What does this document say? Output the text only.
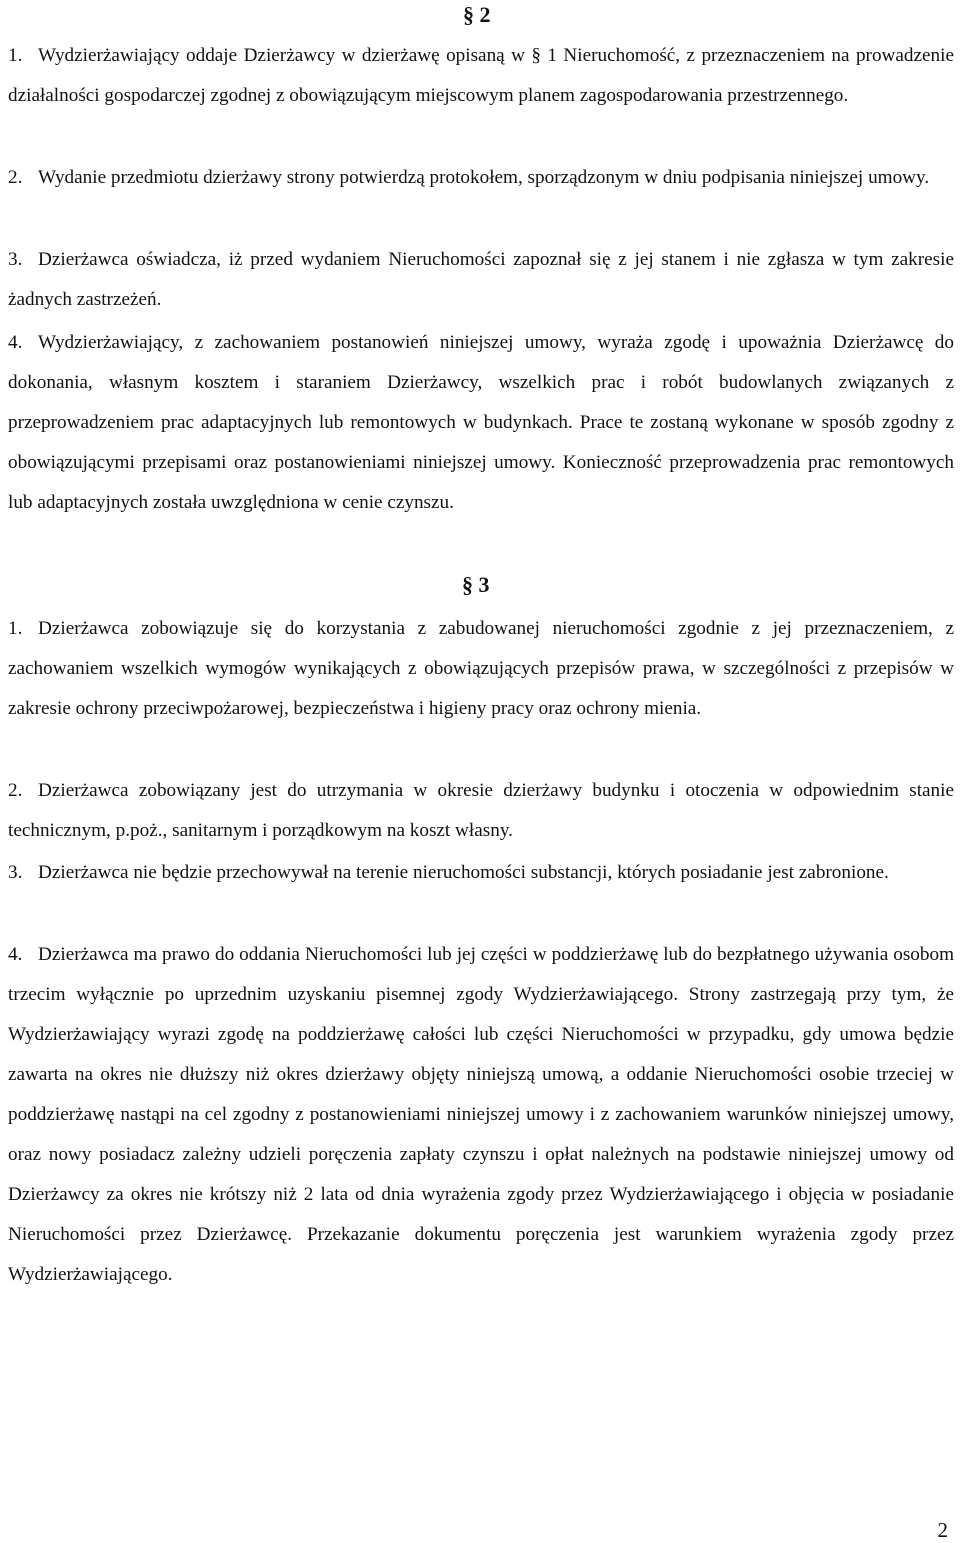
§ 2
1. Wydzierżawiający oddaje Dzierżawcy w dzierżawę opisaną w § 1 Nieruchomość, z przeznaczeniem na prowadzenie działalności gospodarczej zgodnej z obowiązującym miejscowym planem zagospodarowania przestrzennego.
2. Wydanie przedmiotu dzierżawy strony potwierdzą protokołem, sporządzonym w dniu podpisania niniejszej umowy.
3. Dzierżawca oświadcza, iż przed wydaniem Nieruchomości zapoznał się z jej stanem i nie zgłasza w tym zakresie żadnych zastrzeżeń.
4. Wydzierżawiający, z zachowaniem postanowień niniejszej umowy, wyraża zgodę i upoważnia Dzierżawcę do dokonania, własnym kosztem i staraniem Dzierżawcy, wszelkich prac i robót budowlanych związanych z przeprowadzeniem prac adaptacyjnych lub remontowych w budynkach. Prace te zostaną wykonane w sposób zgodny z obowiązującymi przepisami oraz postanowieniami niniejszej umowy. Konieczność przeprowadzenia prac remontowych lub adaptacyjnych została uwzględniona w cenie czynszu.
§ 3
1. Dzierżawca zobowiązuje się do korzystania z zabudowanej nieruchomości zgodnie z jej przeznaczeniem, z zachowaniem wszelkich wymogów wynikających z obowiązujących przepisów prawa, w szczególności z przepisów w zakresie ochrony przeciwpożarowej, bezpieczeństwa i higieny pracy oraz ochrony mienia.
2. Dzierżawca zobowiązany jest do utrzymania w okresie dzierżawy budynku i otoczenia w odpowiednim stanie technicznym, p.poż., sanitarnym i porządkowym na koszt własny.
3. Dzierżawca nie będzie przechowywał na terenie nieruchomości substancji, których posiadanie jest zabronione.
4. Dzierżawca ma prawo do oddania Nieruchomości lub jej części w poddzierżawę lub do bezpłatnego używania osobom trzecim wyłącznie po uprzednim uzyskaniu pisemnej zgody Wydzierżawiającego. Strony zastrzegają przy tym, że Wydzierżawiający wyrazi zgodę na poddzierżawę całości lub części Nieruchomości w przypadku, gdy umowa będzie zawarta na okres nie dłuższy niż okres dzierżawy objęty niniejszą umową, a oddanie Nieruchomości osobie trzeciej w poddzierżawę nastąpi na cel zgodny z postanowieniami niniejszej umowy i z zachowaniem warunków niniejszej umowy, oraz nowy posiadacz zależny udzieli poręczenia zapłaty czynszu i opłat należnych na podstawie niniejszej umowy od Dzierżawcy za okres nie krótszy niż 2 lata od dnia wyrażenia zgody przez Wydzierżawiającego i objęcia w posiadanie Nieruchomości przez Dzierżawcę. Przekazanie dokumentu poręczenia jest warunkiem wyrażenia zgody przez Wydzierżawiającego.
2
